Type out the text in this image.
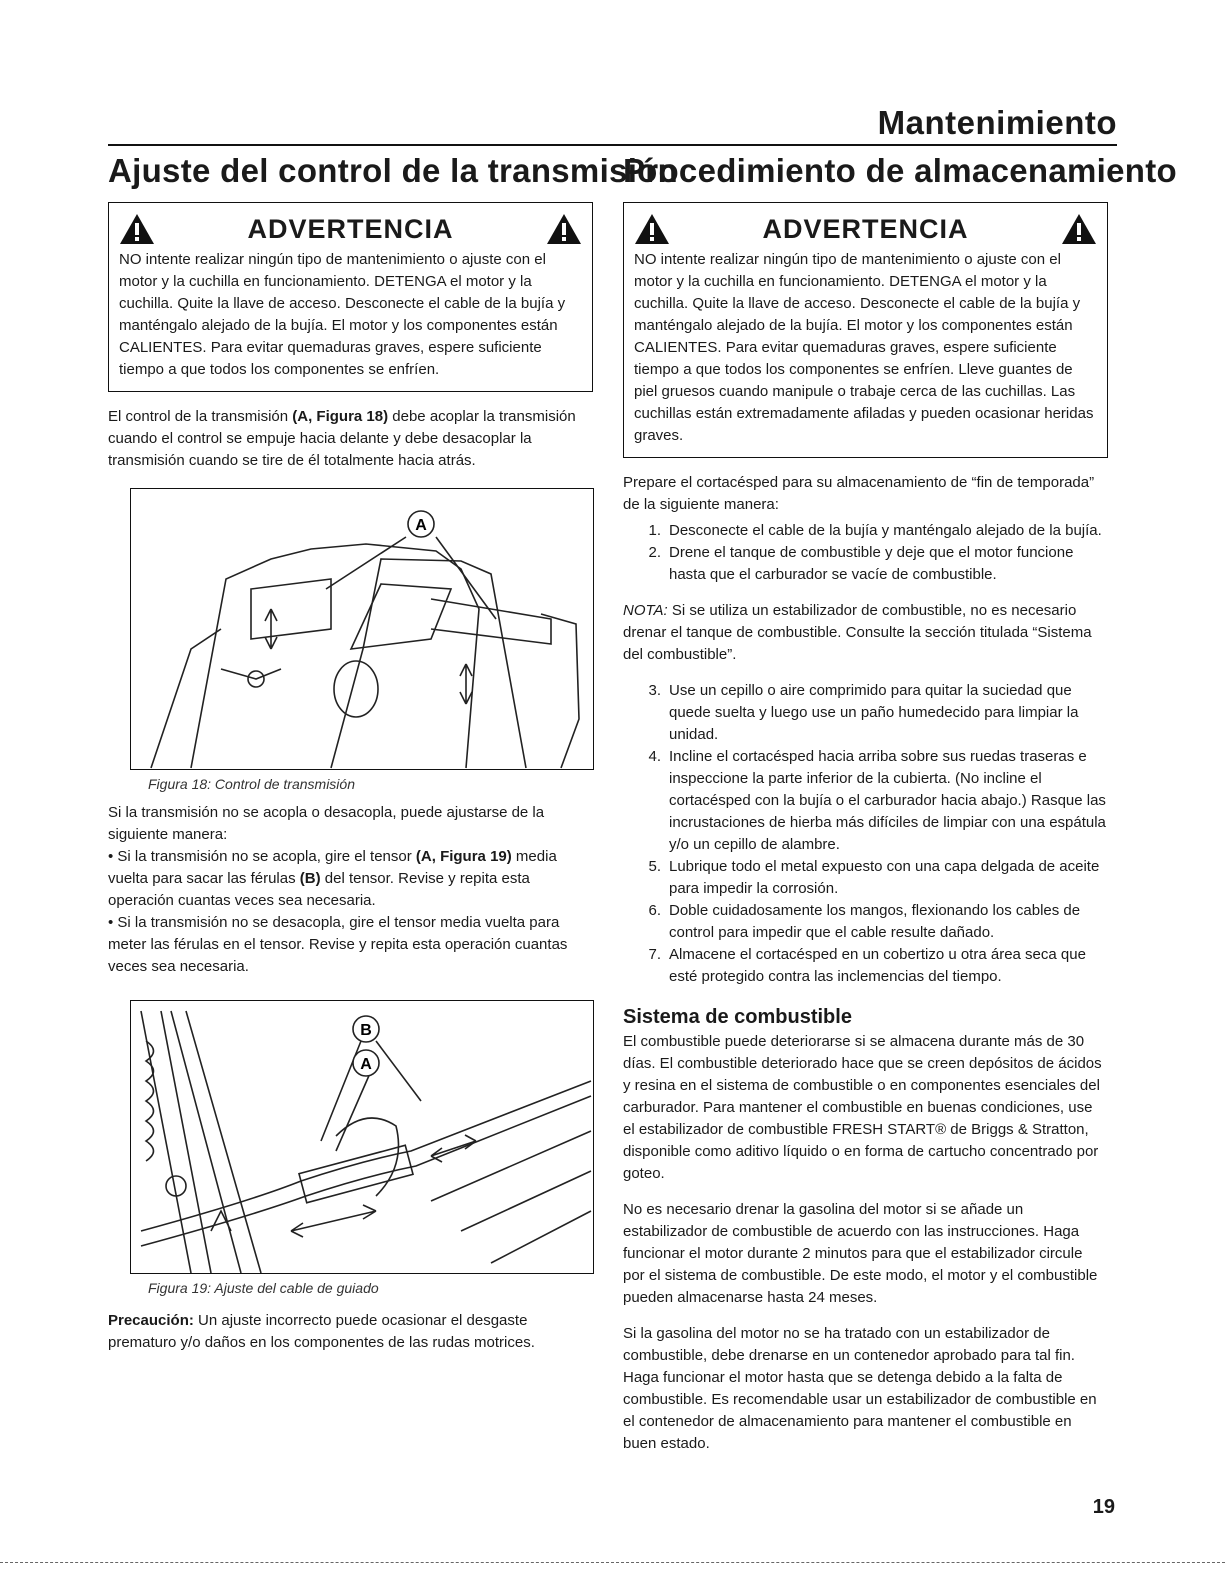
Mantenimiento
Ajuste del control de la transmisión
ADVERTENCIA

NO intente realizar ningún tipo de mantenimiento o ajuste con el motor y la cuchilla en funcionamiento. DETENGA el motor y la cuchilla. Quite la llave de acceso. Desconecte el cable de la bujía y manténgalo alejado de la bujía. El motor y los componentes están CALIENTES. Para evitar quemaduras graves, espere suficiente tiempo a que todos los componentes se enfríen.

El control de la transmisión (A, Figura 18) debe acoplar la transmisión cuando el control se empuje hacia delante y debe desacoplar la transmisión cuando se tire de él totalmente hacia atrás.

A
Figura 18: Control de transmisión

Si la transmisión no se acopla o desacopla, puede ajustarse de la siguiente manera:

• Si la transmisión no se acopla, gire el tensor (A, Figura 19) media vuelta para sacar las férulas (B) del tensor. Revise y repita esta operación cuantas veces sea necesaria.

• Si la transmisión no se desacopla, gire el tensor media vuelta para meter las férulas en el tensor. Revise y repita esta operación cuantas veces sea necesaria.

B
A
Figura 19: Ajuste del cable de guiado

Precaución: Un ajuste incorrecto puede ocasionar el desgaste prematuro y/o daños en los componentes de las rudas motrices.

Procedimiento de almacenamiento
ADVERTENCIA

NO intente realizar ningún tipo de mantenimiento o ajuste con el motor y la cuchilla en funcionamiento. DETENGA el motor y la cuchilla. Quite la llave de acceso. Desconecte el cable de la bujía y manténgalo alejado de la bujía. El motor y los componentes están CALIENTES. Para evitar quemaduras graves, espere suficiente tiempo a que todos los componentes se enfríen. Lleve guantes de piel gruesos cuando manipule o trabaje cerca de las cuchillas. Las cuchillas están extremadamente afiladas y pueden ocasionar heridas graves.

Prepare el cortacésped para su almacenamiento de “fin de temporada” de la siguiente manera:

1. Desconecte el cable de la bujía y manténgalo alejado de la bujía.
2. Drene el tanque de combustible y deje que el motor funcione hasta que el carburador se vacíe de combustible.

NOTA: Si se utiliza un estabilizador de combustible, no es necesario drenar el tanque de combustible. Consulte la sección titulada “Sistema del combustible”.

3. Use un cepillo o aire comprimido para quitar la suciedad que quede suelta y luego use un paño humedecido para limpiar la unidad.
4. Incline el cortacésped hacia arriba sobre sus ruedas traseras e inspeccione la parte inferior de la cubierta. (No incline el cortacésped con la bujía o el carburador hacia abajo.) Rasque las incrustaciones de hierba más difíciles de limpiar con una espátula y/o un cepillo de alambre.
5. Lubrique todo el metal expuesto con una capa delgada de aceite para impedir la corrosión.
6. Doble cuidadosamente los mangos, flexionando los cables de control para impedir que el cable resulte dañado.
7. Almacene el cortacésped en un cobertizo u otra área seca que esté protegido contra las inclemencias del tiempo.
Sistema de combustible

El combustible puede deteriorarse si se almacena durante más de 30 días. El combustible deteriorado hace que se creen depósitos de ácidos y resina en el sistema de combustible o en componentes esenciales del carburador. Para mantener el combustible en buenas condiciones, use el estabilizador de combustible FRESH START® de Briggs & Stratton, disponible como aditivo líquido o en forma de cartucho concentrado por goteo.

No es necesario drenar la gasolina del motor si se añade un estabilizador de combustible de acuerdo con las instrucciones. Haga funcionar el motor durante 2 minutos para que el estabilizador circule por el sistema de combustible. De este modo, el motor y el combustible pueden almacenarse hasta 24 meses.

Si la gasolina del motor no se ha tratado con un estabilizador de combustible, debe drenarse en un contenedor aprobado para tal fin. Haga funcionar el motor hasta que se detenga debido a la falta de combustible. Es recomendable usar un estabilizador de combustible en el contenedor de almacenamiento para mantener el combustible en buen estado.

19
